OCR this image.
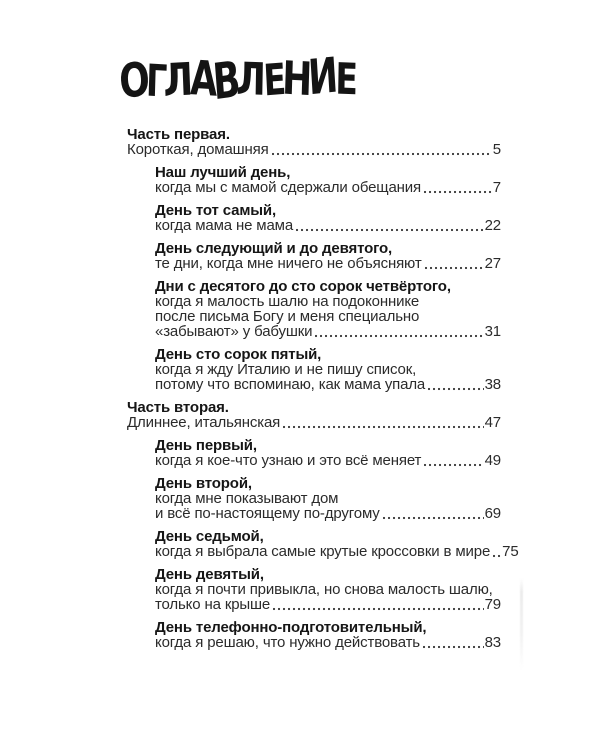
О
Г
Л
А
В
Л
Е
Н
И
Е
Часть первая.
Короткая, домашняя	5
Наш лучший день,
когда мы с мамой сдержали обещания	7
День тот самый,
когда мама не мама	22
День следующий и до девятого,
те дни, когда мне ничего не объясняют	27
Дни с десятого до сто сорок четвёртого,
когда я малость шалю на подоконнике
после письма Богу и меня специально
«забывают» у бабушки	31
День сто сорок пятый,
когда я жду Италию и не пишу список,
потому что вспоминаю, как мама упала	38
Часть вторая.
Длиннее, итальянская	47
День первый,
когда я кое-что узнаю и это всё меняет	49
День второй,
когда мне показывают дом
и всё по-настоящему по-другому	69
День седьмой,
когда я выбрала самые крутые кроссовки в мире 75
День девятый,
когда я почти привыкла, но снова малость шалю,
только на крыше	79
День телефонно-подготовительный,
когда я решаю, что нужно действовать	83
